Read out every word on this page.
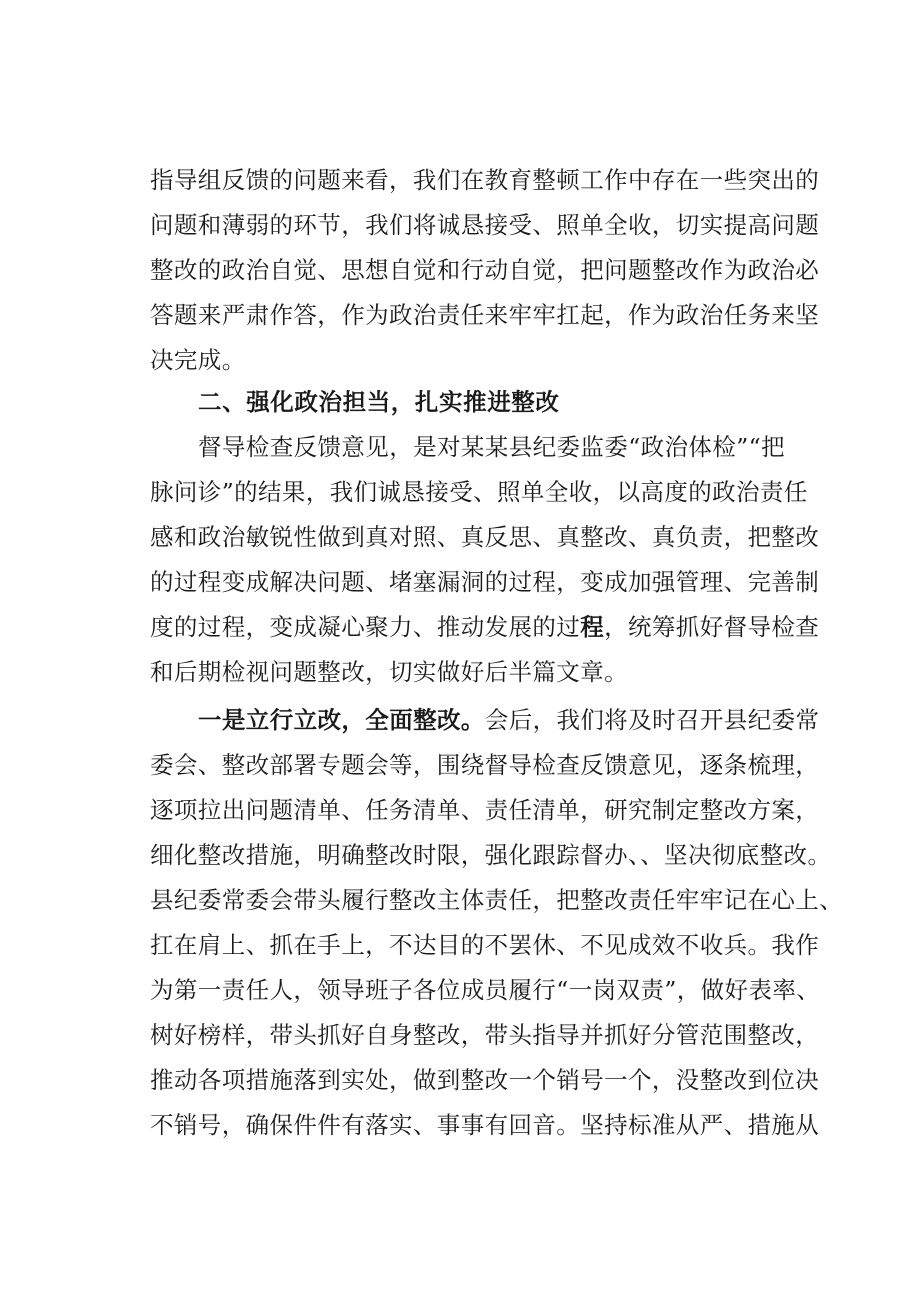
指导组反馈的问题来看，我们在教育整顿工作中存在一些突出的
问题和薄弱的环节，我们将诚恳接受、照单全收，切实提高问题
整改的政治自觉、思想自觉和行动自觉，把问题整改作为政治必
答题来严肃作答，作为政治责任来牢牢扛起，作为政治任务来坚
决完成。
二、强化政治担当，扎实推进整改
督导检查反馈意见，是对某某县纪委监委“政治体检”“把
脉问诊”的结果，我们诚恳接受、照单全收，以高度的政治责任
感和政治敏锐性做到真对照、真反思、真整改、真负责，把整改
的过程变成解决问题、堵塞漏洞的过程，变成加强管理、完善制
度的过程，变成凝心聚力、推动发展的过程，统筹抓好督导检查
和后期检视问题整改，切实做好后半篇文章。
一是立行立改，全面整改。会后，我们将及时召开县纪委常
委会、整改部署专题会等，围绕督导检查反馈意见，逐条梳理，
逐项拉出问题清单、任务清单、责任清单，研究制定整改方案，
细化整改措施，明确整改时限，强化跟踪督办、、坚决彻底整改。
县纪委常委会带头履行整改主体责任，把整改责任牢牢记在心上、
扛在肩上、抓在手上，不达目的不罢休、不见成效不收兵。我作
为第一责任人，领导班子各位成员履行“一岗双责”，做好表率、
树好榜样，带头抓好自身整改，带头指导并抓好分管范围整改，
推动各项措施落到实处，做到整改一个销号一个，没整改到位决
不销号，确保件件有落实、事事有回音。坚持标准从严、措施从
